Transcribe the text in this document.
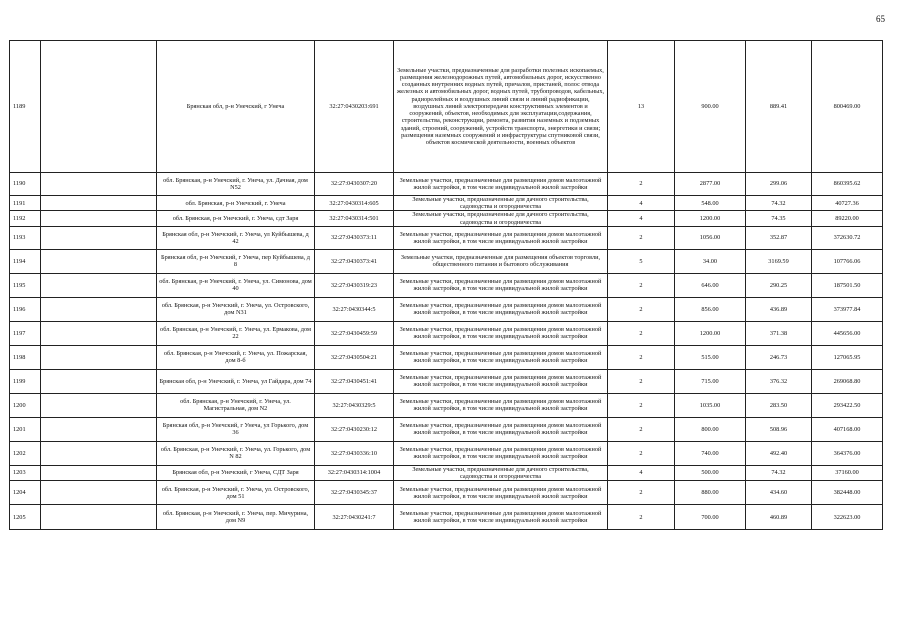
65
1189		Брянская обл, р-н Унечский, г Унеча	32:27:0430203:691	Земельные участки, предназначенные для разработки полезных ископаемых, размещения железнодорожных путей, автомобильных дорог, искусственно созданных внутренних водных путей, причалов, пристаней, полос отвода железных и автомобильных дорог, водных путей, трубопроводов, кабельных, радиорелейных и воздушных линий связи и линий радиофикации, воздушных линий электропередачи конструктивных элементов и сооружений, объектов, необходимых для эксплуатации,содержания, строительства, реконструкции, ремонта, развития наземных и подземных зданий, строений, сооружений, устройств транспорта, энергетики и связи; размещения наземных сооружений и инфраструктуры спутниковой связи, объектов космической деятельности, военных объектов	13	900.00	889.41	800469.00
1190		обл. Брянская, р-н Унечский, г. Унеча, ул. Дачная, дом N52	32:27:0430307:20	Земельные участки, предназначенные для размещения домов малоэтажной жилой застройки, в том числе индивидуальной жилой застройки	2	2877.00	299.06	860395.62
1191		обл. Брянская, р-н Унечский, г. Унеча	32:27:0430314:605	Земельные участки, предназначенные для дачного строительства, садоводства и огородничества	4	548.00	74.32	40727.36
1192		обл. Брянская, р-н Унечский, г. Унеча, сдт Заря	32:27:0430314:501	Земельные участки, предназначенные для дачного строительства, садоводства и огородничества	4	1200.00	74.35	89220.00
1193		Брянская обл, р-н Унечский, г. Унеча, ул Куйбышева, д 42	32:27:0430373:11	Земельные участки, предназначенные для размещения домов малоэтажной жилой застройки, в том числе индивидуальной жилой застройки	2	1056.00	352.87	372630.72
1194		Брянская обл, р-н Унечский, г Унеча, пер Куйбышева, д 8	32:27:0430373:41	Земельные участки, предназначенные для размещения объектов торговли, общественного питания и бытового обслуживания	5	34.00	3169.59	107766.06
1195		обл. Брянская, р-н Унечский, г. Унеча, ул. Симонова, дом 40	32:27:0430319:23	Земельные участки, предназначенные для размещения домов малоэтажной жилой застройки, в том числе индивидуальной жилой застройки	2	646.00	290.25	187501.50
1196		обл. Брянская, р-н Унечский, г. Унеча, ул. Островского, дом N31	32:27:0430344:5	Земельные участки, предназначенные для размещения домов малоэтажной жилой застройки, в том числе индивидуальной жилой застройки	2	856.00	436.89	373977.84
1197		обл. Брянская, р-н Унечский, г. Унеча, ул. Ермакова, дом 22	32:27:0430459:59	Земельные участки, предназначенные для размещения домов малоэтажной жилой застройки, в том числе индивидуальной жилой застройки	2	1200.00	371.38	445656.00
1198		обл. Брянская, р-н Унечский, г. Унеча, ул. Пожарская, дом 8-б	32:27:0430504:21	Земельные участки, предназначенные для размещения домов малоэтажной жилой застройки, в том числе индивидуальной жилой застройки	2	515.00	246.73	127065.95
1199		Брянская обл, р-н Унечский, г. Унеча, ул Гайдара, дом 74	32:27:0430451:41	Земельные участки, предназначенные для размещения домов малоэтажной жилой застройки, в том числе индивидуальной жилой застройки	2	715.00	376.32	269068.80
1200		обл. Брянская, р-н Унечский, г. Унеча, ул. Магистральная, дом N2	32:27:0430329:5	Земельные участки, предназначенные для размещения домов малоэтажной жилой застройки, в том числе индивидуальной жилой застройки	2	1035.00	283.50	293422.50
1201		Брянская обл, р-н Унечский, г Унеча, ул Горького, дом 36	32:27:0430230:12	Земельные участки, предназначенные для размещения домов малоэтажной жилой застройки, в том числе индивидуальной жилой застройки	2	800.00	508.96	407168.00
1202		обл. Брянская, р-н Унечский, г. Унеча, ул. Горького, дом N 82	32:27:0430336:10	Земельные участки, предназначенные для размещения домов малоэтажной жилой застройки, в том числе индивидуальной жилой застройки	2	740.00	492.40	364376.00
1203		Брянская обл, р-н Унечский, г Унеча, СДТ Заря	32:27:0430314:1004	Земельные участки, предназначенные для дачного строительства, садоводства и огородничества	4	500.00	74.32	37160.00
1204		обл. Брянская, р-н Унечский, г. Унеча, ул. Островского, дом 51	32:27:0430345:37	Земельные участки, предназначенные для размещения домов малоэтажной жилой застройки, в том числе индивидуальной жилой застройки	2	880.00	434.60	382448.00
1205		обл. Брянская, р-н Унечский, г. Унеча, пер. Мичурина, дом N9	32:27:0430241:7	Земельные участки, предназначенные для размещения домов малоэтажной жилой застройки, в том числе индивидуальной жилой застройки	2	700.00	460.89	322623.00
